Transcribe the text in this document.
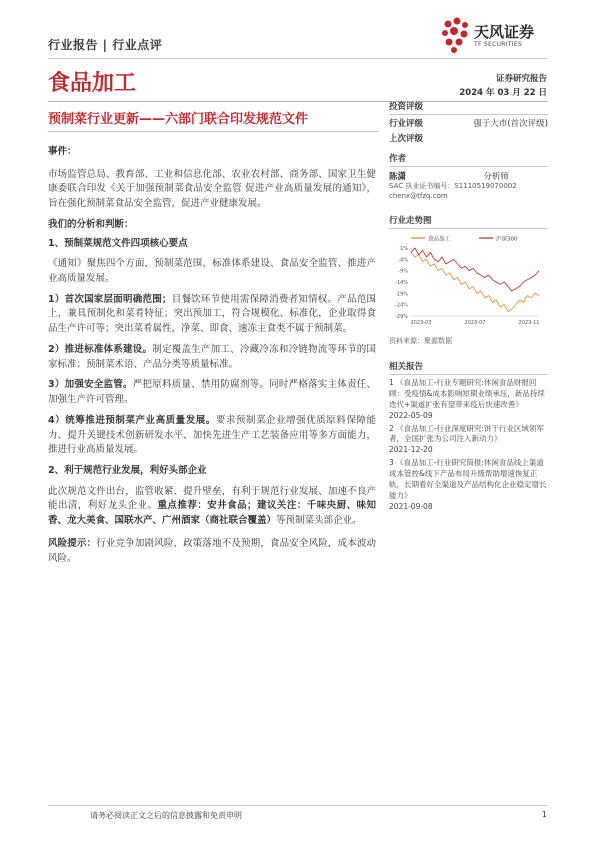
行业报告 | 行业点评
天风证券
TF SECURITIES
食品加工	证券研究报告
2024 年 03 月 22 日
预制菜行业更新——六部门联合印发规范文件
事件：

市场监管总局、教育部、工业和信息化部、农业农村部、商务部、国家卫生健康委联合印发《关于加强预制菜食品安全监管 促进产业高质量发展的通知》，旨在强化预制菜食品安全监管，促进产业健康发展。

我们的分析和判断：
1、预制菜规范文件四项核心要点

《通知》聚焦四个方面，预制菜范围、标准体系建设、食品安全监管、推进产业高质量发展。

1）首次国家层面明确范围；目餐饮环节使用需保障消费者知情权。产品范围上，兼具预制化和菜肴特征；突出预加工，符合规模化、标准化，企业取得食品生产许可等；突出菜肴属性，净菜、即食、速冻主食类不属于预制菜。

2）推进标准体系建设。制定覆盖生产加工、冷藏冷冻和冷链物流等环节的国家标准；预制菜术语、产品分类等质量标准。

3）加强安全监管。严把原料质量、禁用防腐剂等。同时严格落实主体责任、加强生产许可管理。

4）统筹推进预制菜产业高质量发展。要求预制菜企业增强优质原料保障能力、提升关键技术创新研发水平、加快先进生产工艺装备应用等多方面能力，推进行业高质量发展。

2、利于规范行业发展，利好头部企业

此次规范文件出台，监管收紧、提升壁垒，有利于规范行业发展、加速不良产能出清，利好龙头企业。重点推荐：安井食品；建议关注：千味央厨、味知香、龙大美食、国联水产、广州酒家（商社联合覆盖）等预制菜头部企业。

风险提示：行业竞争加剧风险，政策落地不及预期，食品安全风险，成本波动风险。

投资评级
行业评级	强于大市(首次评级)
上次评级
作者
陈潇	分析师
SAC 执业证书编号：S1110519070002
chenx@tfzq.com
行业走势图
食品加工	沪深300
1%
-4%
-9%
-14%
-19%
-24%
-29%
2023-03	2023-07	2023-11
资料来源：聚源数据
相关报告
1 《食品加工-行业专题研究:休闲食品财报回顾：受疫情&成本影响短期业绩承压，新品持续迭代+渠道扩张有望带来疫后快速改善》
2022-05-09
2 《食品加工-行业深度研究:饼干行业区域领军者，全国扩张为公司注入新动力》
2021-12-20
3 《食品加工-行业研究简报:休闲食品线上渠道成本管控&线下产品布局升级帮助增速恢复正轨，长期看好全渠道及产品结构化企业稳定增长能力》
2021-09-08
请务必阅读正文之后的信息披露和免责申明	1
